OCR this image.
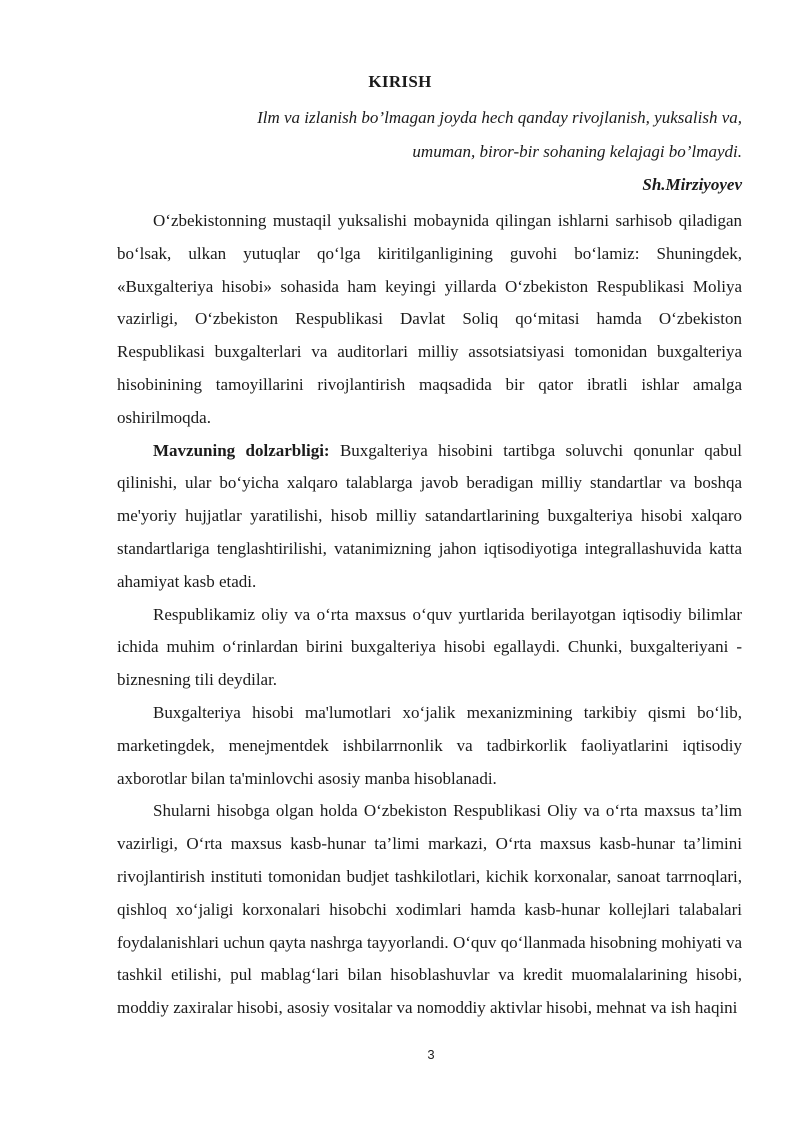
KIRISH
Ilm va izlanish bo’lmagan joyda hech qanday rivojlanish, yuksalish va,
umuman, biror-bir sohaning kelajagi bo’lmaydi.
Sh.Mirziyoyev

O‘zbekistonning mustaqil yuksalishi mobaynida qilingan ishlarni sarhisob qiladigan bo‘lsak, ulkan yutuqlar qo‘lga kiritilganligining guvohi bo‘lamiz: Shuningdek, «Buxgalteriya hisobi» sohasida ham keyingi yillarda O‘zbekiston Respublikasi Moliya vazirligi, O‘zbekiston Respublikasi Davlat Soliq qo‘mitasi hamda O‘zbekiston Respublikasi buxgalterlari va auditorlari milliy assotsiatsiyasi tomonidan buxgalteriya hisobinining tamoyillarini rivojlantirish maqsadida bir qator ibratli ishlar amalga oshirilmoqda.

Mavzuning dolzarbligi: Buxgalteriya hisobini tartibga soluvchi qonunlar qabul qilinishi, ular bo‘yicha xalqaro talablarga javob beradigan milliy standartlar va boshqa me'yoriy hujjatlar yaratilishi, hisob milliy satandartlarining buxgalteriya hisobi xalqaro standartlariga tenglashtirilishi, vatanimizning jahon iqtisodiyotiga integrallashuvida katta ahamiyat kasb etadi.

Respublikamiz oliy va o‘rta maxsus o‘quv yurtlarida berilayotgan iqtisodiy bilimlar ichida muhim o‘rinlardan birini buxgalteriya hisobi egallaydi. Chunki, buxgalteriyani - biznesning tili deydilar.

Buxgalteriya hisobi ma'lumotlari xo‘jalik mexanizmining tarkibiy qismi bo‘lib, marketingdek, menejmentdek ishbilarrnonlik va tadbirkorlik faoliyatlarini iqtisodiy axborotlar bilan ta'minlovchi asosiy manba hisoblanadi.

Shularni hisobga olgan holda O‘zbekiston Respublikasi Oliy va o‘rta maxsus ta’lim vazirligi, O‘rta maxsus kasb-hunar ta’limi markazi, O‘rta maxsus kasb-hunar ta’limini rivojlantirish instituti tomonidan budjet tashkilotlari, kichik korxonalar, sanoat tarrnoqlari, qishloq xo‘jaligi korxonalari hisobchi xodimlari hamda kasb-hunar kollejlari talabalari foydalanishlari uchun qayta nashrga tayyorlandi. O‘quv qo‘llanmada hisobning mohiyati va tashkil etilishi, pul mablag‘lari bilan hisoblashuvlar va kredit muomalalarining hisobi, moddiy zaxiralar hisobi, asosiy vositalar va nomoddiy aktivlar hisobi, mehnat va ish haqini

3
